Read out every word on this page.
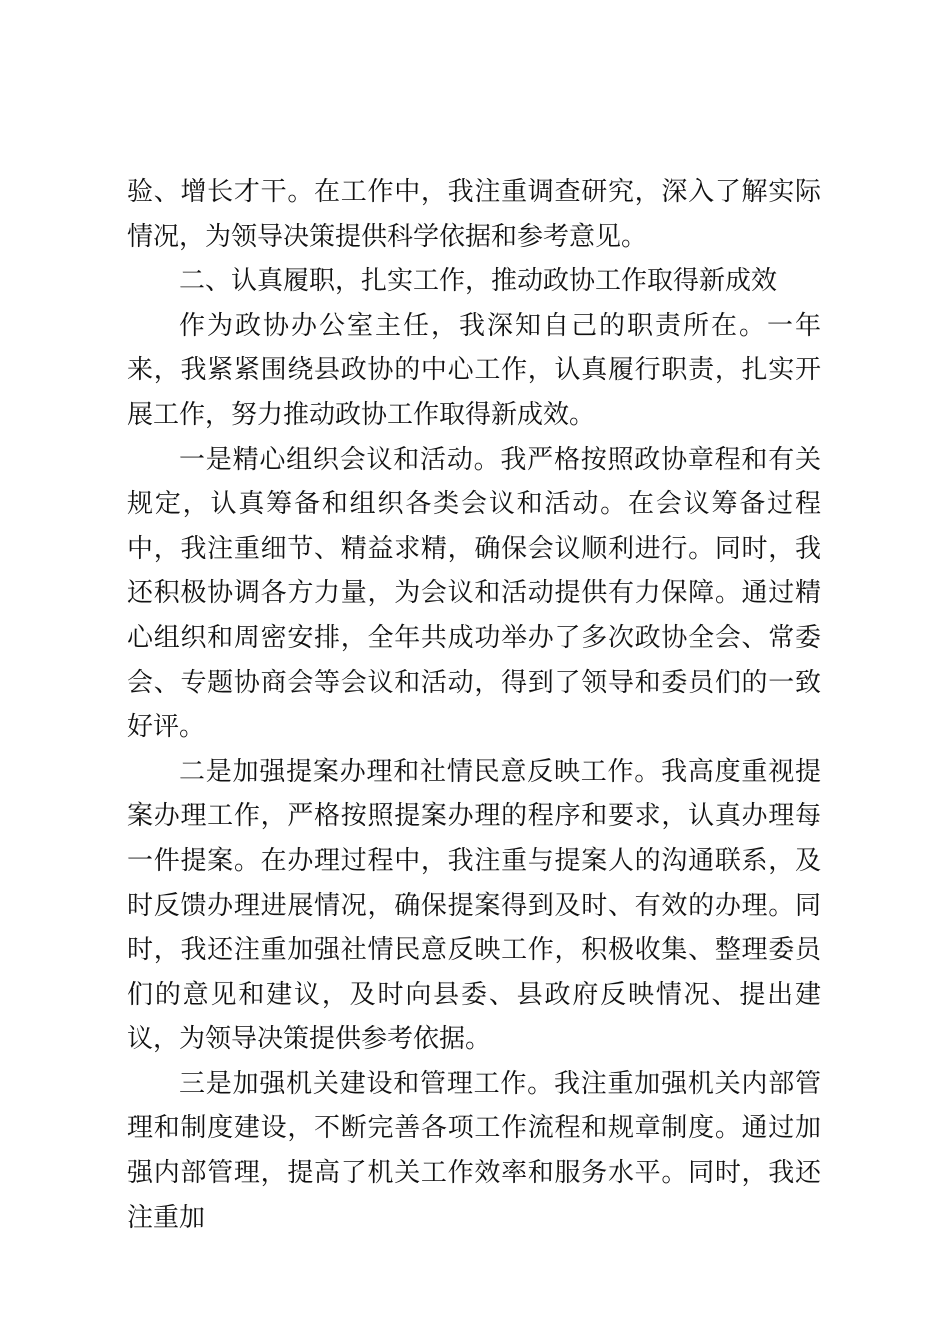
验、增长才干。在工作中，我注重调查研究，深入了解实际情况，为领导决策提供科学依据和参考意见。

二、认真履职，扎实工作，推动政协工作取得新成效

作为政协办公室主任，我深知自己的职责所在。一年来，我紧紧围绕县政协的中心工作，认真履行职责，扎实开展工作，努力推动政协工作取得新成效。

一是精心组织会议和活动。我严格按照政协章程和有关规定，认真筹备和组织各类会议和活动。在会议筹备过程中，我注重细节、精益求精，确保会议顺利进行。同时，我还积极协调各方力量，为会议和活动提供有力保障。通过精心组织和周密安排，全年共成功举办了多次政协全会、常委会、专题协商会等会议和活动，得到了领导和委员们的一致好评。

二是加强提案办理和社情民意反映工作。我高度重视提案办理工作，严格按照提案办理的程序和要求，认真办理每一件提案。在办理过程中，我注重与提案人的沟通联系，及时反馈办理进展情况，确保提案得到及时、有效的办理。同时，我还注重加强社情民意反映工作，积极收集、整理委员们的意见和建议，及时向县委、县政府反映情况、提出建议，为领导决策提供参考依据。

三是加强机关建设和管理工作。我注重加强机关内部管理和制度建设，不断完善各项工作流程和规章制度。通过加强内部管理，提高了机关工作效率和服务水平。同时，我还注重加
